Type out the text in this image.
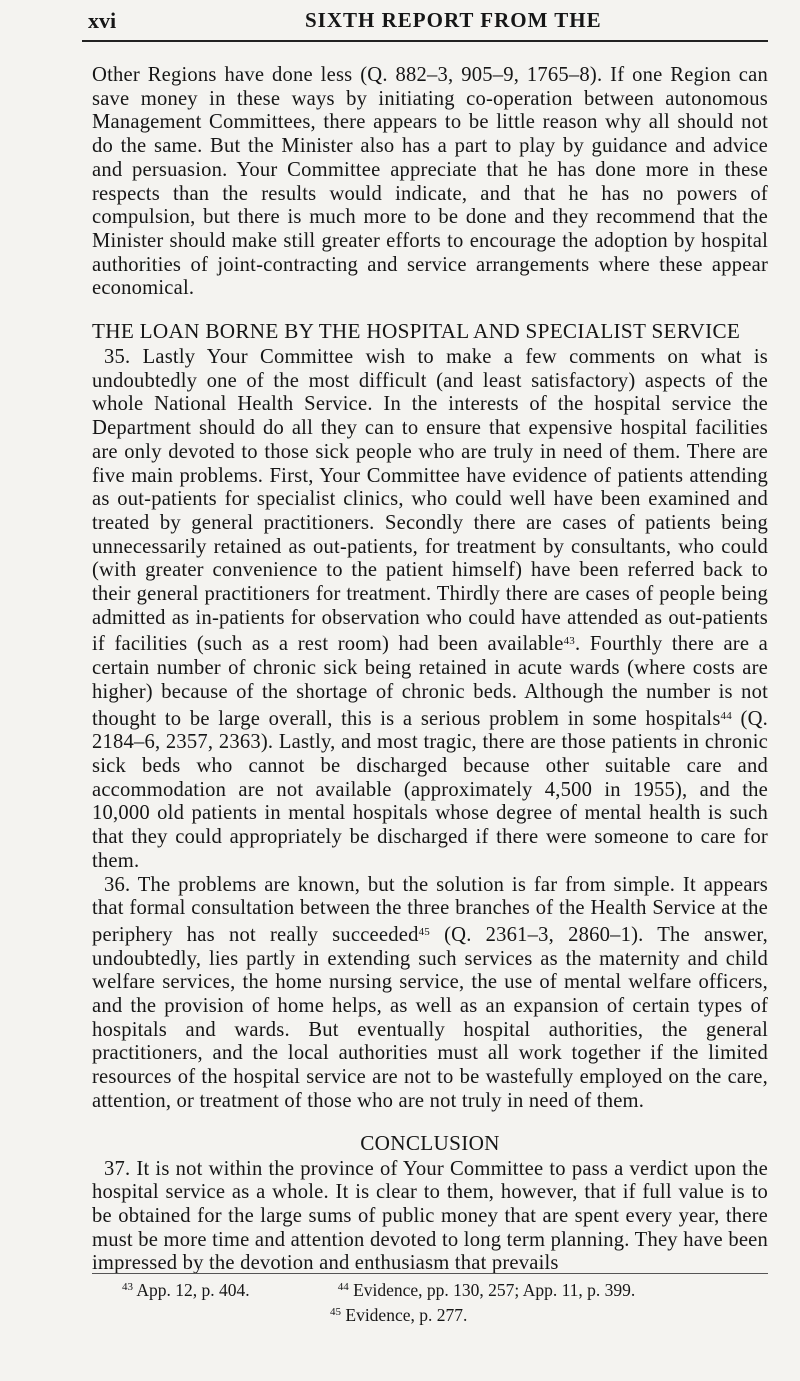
xvi	SIXTH REPORT FROM THE

Other Regions have done less (Q. 882–3, 905–9, 1765–8). If one Region can save money in these ways by initiating co-operation between autonomous Management Committees, there appears to be little reason why all should not do the same. But the Minister also has a part to play by guidance and advice and persuasion. Your Committee appreciate that he has done more in these respects than the results would indicate, and that he has no powers of compulsion, but there is much more to be done and they recommend that the Minister should make still greater efforts to encourage the adoption by hospital authorities of joint-contracting and service arrangements where these appear economical.

THE LOAN BORNE BY THE HOSPITAL AND SPECIALIST SERVICE

35. Lastly Your Committee wish to make a few comments on what is undoubtedly one of the most difficult (and least satisfactory) aspects of the whole National Health Service. In the interests of the hospital service the Department should do all they can to ensure that expensive hospital facilities are only devoted to those sick people who are truly in need of them. There are five main problems. First, Your Committee have evidence of patients attending as out-patients for specialist clinics, who could well have been examined and treated by general practitioners. Secondly there are cases of patients being unnecessarily retained as out-patients, for treatment by consultants, who could (with greater convenience to the patient himself) have been referred back to their general practitioners for treatment. Thirdly there are cases of people being admitted as in-patients for observation who could have attended as out-patients if facilities (such as a rest room) had been available$^{43}$. Fourthly there are a certain number of chronic sick being retained in acute wards (where costs are higher) because of the shortage of chronic beds. Although the number is not thought to be large overall, this is a serious problem in some hospitals$^{44}$ (Q. 2184–6, 2357, 2363). Lastly, and most tragic, there are those patients in chronic sick beds who cannot be discharged because other suitable care and accommodation are not available (approximately 4,500 in 1955), and the 10,000 old patients in mental hospitals whose degree of mental health is such that they could appropriately be discharged if there were someone to care for them.

36. The problems are known, but the solution is far from simple. It appears that formal consultation between the three branches of the Health Service at the periphery has not really succeeded$^{45}$ (Q. 2361–3, 2860–1). The answer, undoubtedly, lies partly in extending such services as the maternity and child welfare services, the home nursing service, the use of mental welfare officers, and the provision of home helps, as well as an expansion of certain types of hospitals and wards. But eventually hospital authorities, the general practitioners, and the local authorities must all work together if the limited resources of the hospital service are not to be wastefully employed on the care, attention, or treatment of those who are not truly in need of them.

CONCLUSION

37. It is not within the province of Your Committee to pass a verdict upon the hospital service as a whole. It is clear to them, however, that if full value is to be obtained for the large sums of public money that are spent every year, there must be more time and attention devoted to long term planning. They have been impressed by the devotion and enthusiasm that prevails

$^{43}$ App. 12, p. 404.	$^{44}$ Evidence, pp. 130, 257; App. 11, p. 399.
$^{45}$ Evidence, p. 277.
